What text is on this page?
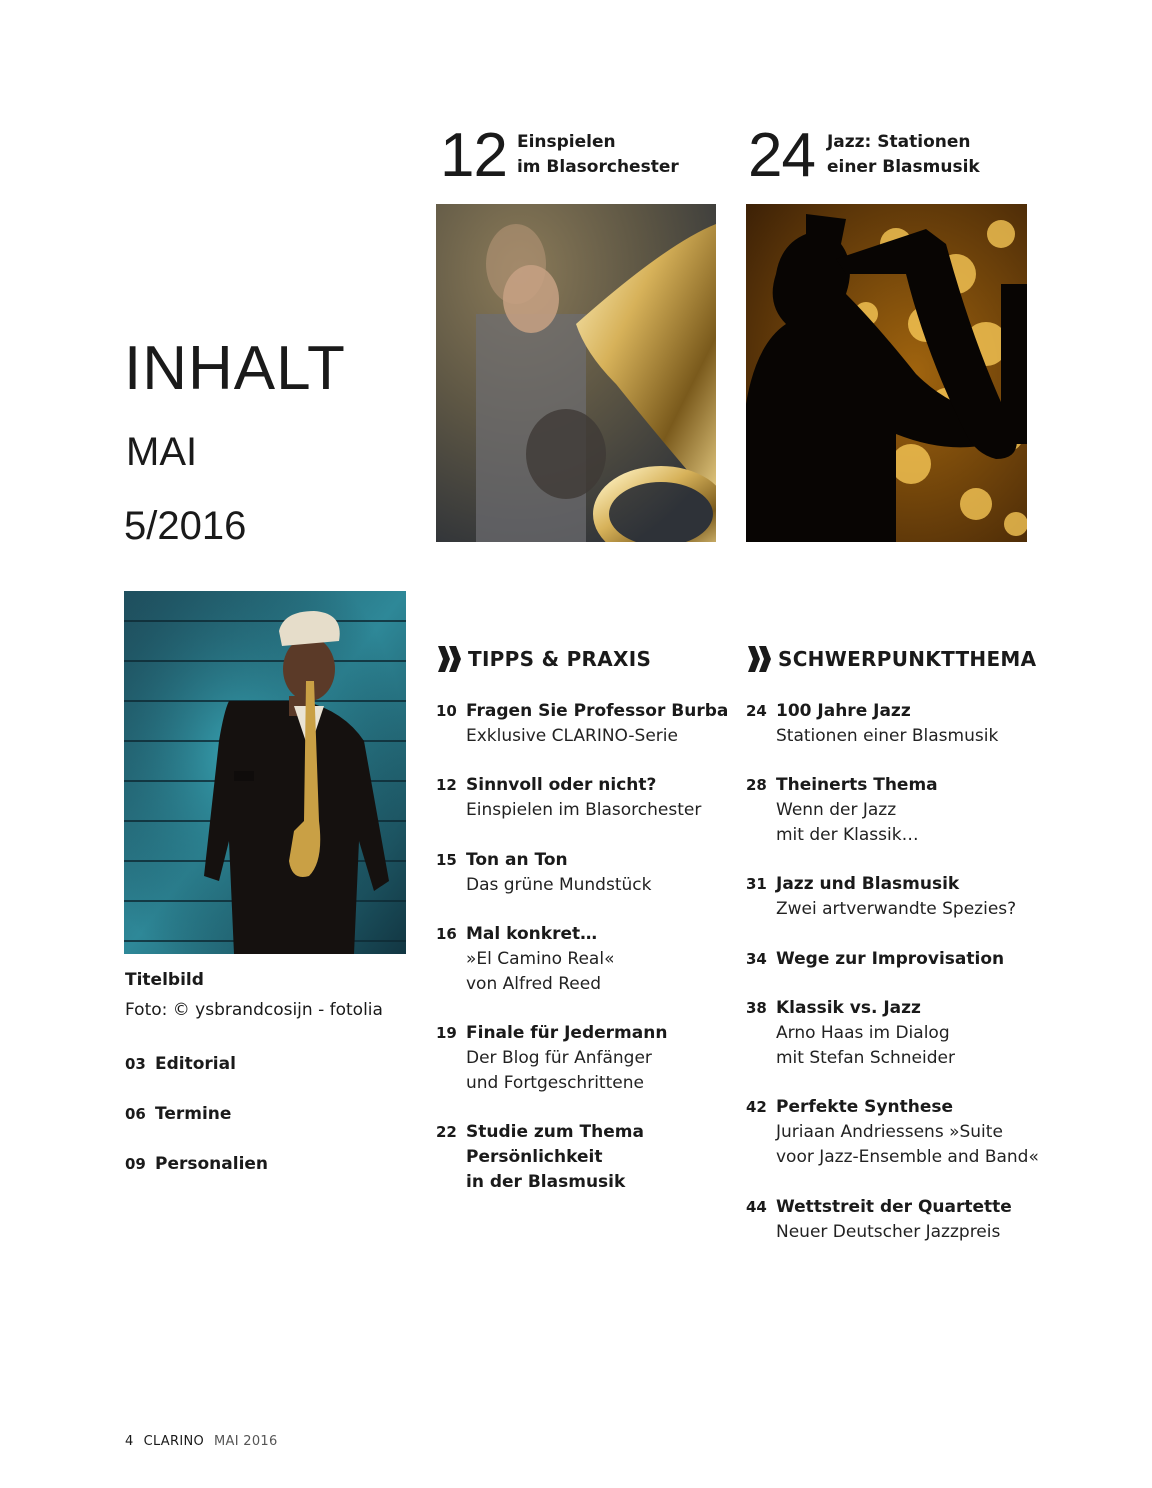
INHALT
MAI
5/2016
12 Einspielen
im Blasorchester 24 Jazz: Stationen
einer Blasmusik
Titelbild
Foto: © ysbrandcosijn - fotolia
03 Editorial
06 Termine
09 Personalien
TIPPS & PRAXIS
10 Fragen Sie Professor Burba
Exklusive CLARINO-Serie
12 Sinnvoll oder nicht?
Einspielen im Blasorchester
15 Ton an Ton
Das grüne Mundstück
16 Mal konkret…
»El Camino Real«
von Alfred Reed
19 Finale für Jedermann
Der Blog für Anfänger
und Fortgeschrittene
22 Studie zum Thema
Persönlichkeit
in der Blasmusik
SCHWERPUNKTTHEMA
24 100 Jahre Jazz
Stationen einer Blasmusik
28 Theinerts Thema
Wenn der Jazz
mit der Klassik…
31 Jazz und Blasmusik
Zwei artverwandte Spezies?
34 Wege zur Improvisation
38 Klassik vs. Jazz
Arno Haas im Dialog
mit Stefan Schneider
42 Perfekte Synthese
Juriaan Andriessens »Suite
voor Jazz-Ensemble and Band«
44 Wettstreit der Quartette
Neuer Deutscher Jazzpreis
4 CLARINO MAI 2016
